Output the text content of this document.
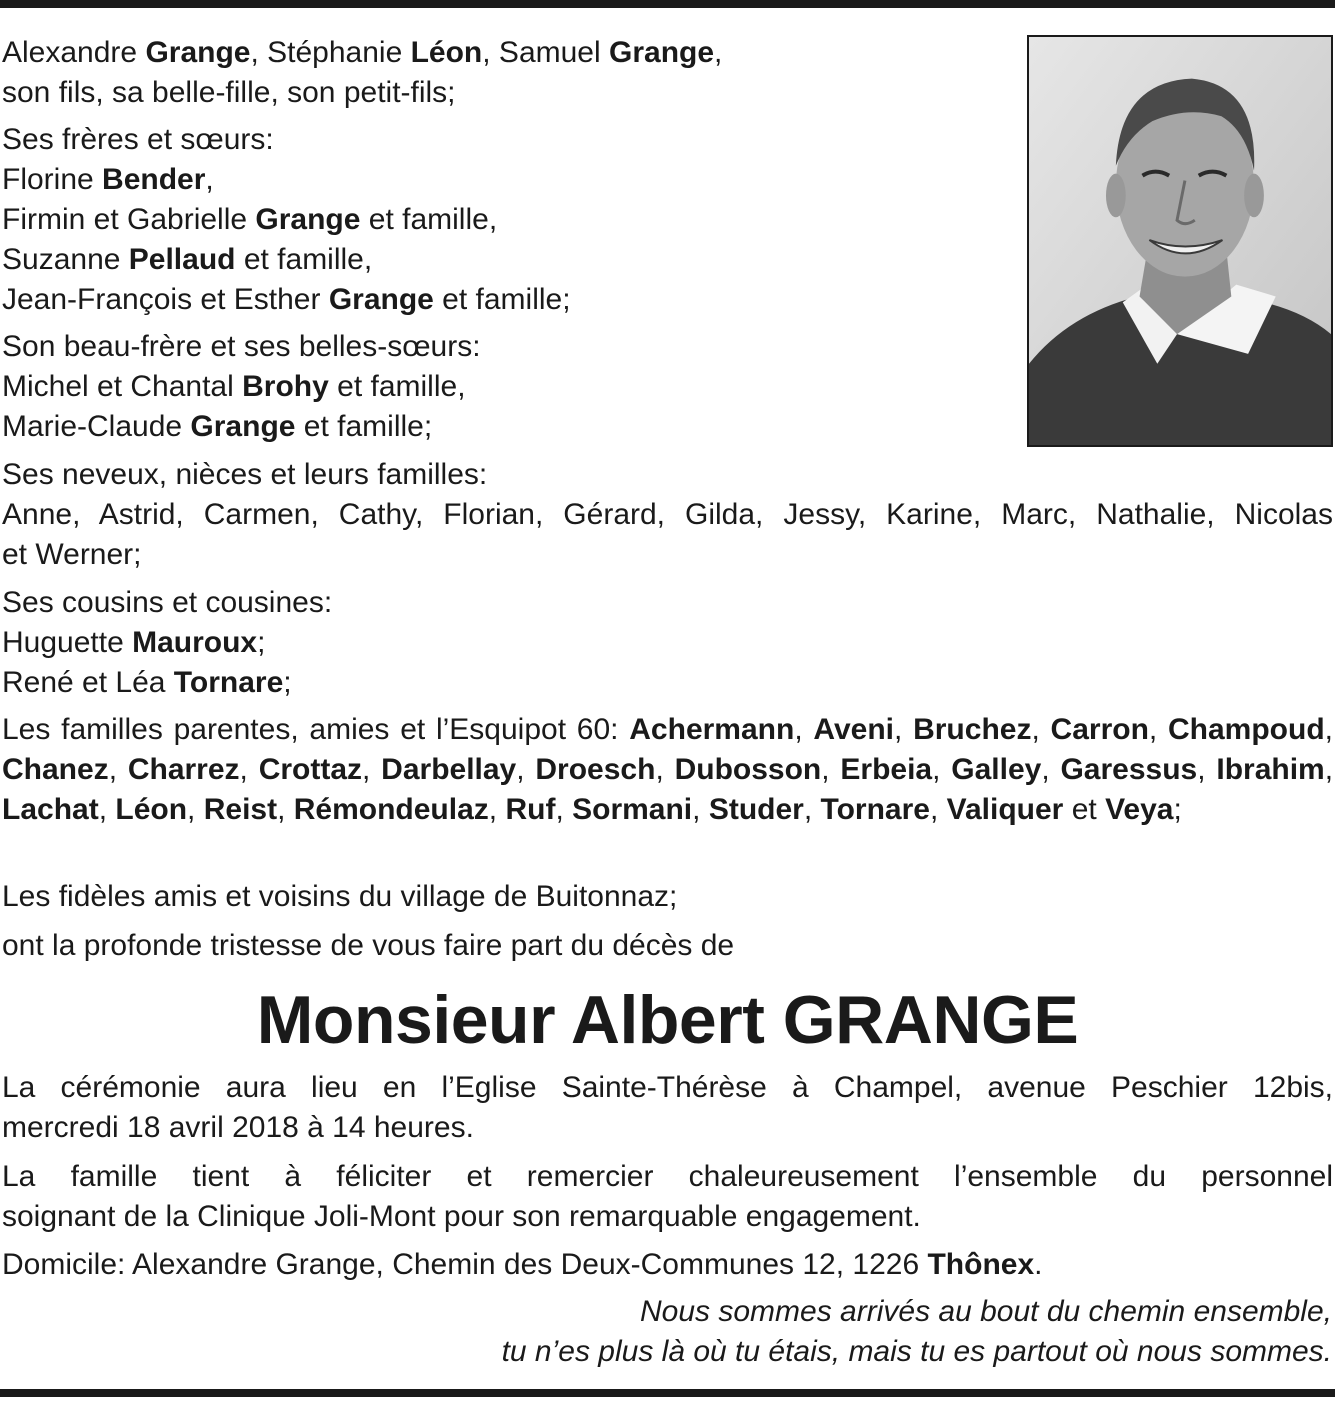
Alexandre Grange, Stéphanie Léon, Samuel Grange,

son fils, sa belle-fille, son petit-fils;

Ses frères et sœurs:

Florine Bender,

Firmin et Gabrielle Grange et famille,

Suzanne Pellaud et famille,

Jean-François et Esther Grange et famille;

Son beau-frère et ses belles-sœurs:

Michel et Chantal Brohy et famille,

Marie-Claude Grange et famille;

Ses neveux, nièces et leurs familles:

Anne, Astrid, Carmen, Cathy, Florian, Gérard, Gilda, Jessy, Karine, Marc, Nathalie, Nicolas

et Werner;

Ses cousins et cousines:

Huguette Mauroux;

René et Léa Tornare;

Les familles parentes, amies et l’Esquipot 60: Achermann, Aveni, Bruchez, Carron, Champoud, Chanez, Charrez, Crottaz, Darbellay, Droesch, Dubosson, Erbeia, Galley, Garessus, Ibrahim, Lachat, Léon, Reist, Rémondeulaz, Ruf, Sormani, Studer, Tornare, Valiquer et Veya;

Les fidèles amis et voisins du village de Buitonnaz;
ont la profonde tristesse de vous faire part du décès de
Monsieur Albert GRANGE

La cérémonie aura lieu en l’Eglise Sainte-Thérèse à Champel, avenue Peschier 12bis,

mercredi 18 avril 2018 à 14 heures.

La famille tient à féliciter et remercier chaleureusement l’ensemble du personnel

soignant de la Clinique Joli-Mont pour son remarquable engagement.

Domicile: Alexandre Grange, Chemin des Deux-Communes 12, 1226 Thônex.
Nous sommes arrivés au bout du chemin ensemble,
tu n’es plus là où tu étais, mais tu es partout où nous sommes.
